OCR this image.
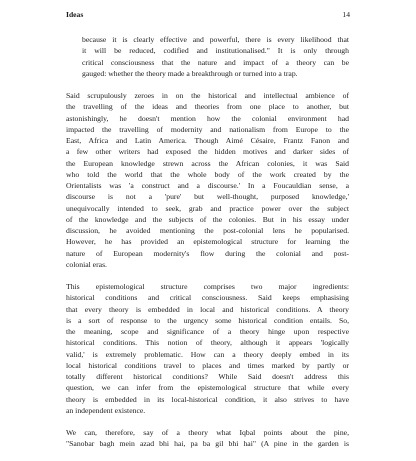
Ideas	14

because it is clearly effective and powerful, there is every likelihood that
it will be reduced, codified and institutionalised." It is only through
critical consciousness that the nature and impact of a theory can be
gauged: whether the theory made a breakthrough or turned into a trap.

Said scrupulously zeroes in on the historical and intellectual ambience of
the travelling of the ideas and theories from one place to another, but
astonishingly, he doesn't mention how the colonial environment had
impacted the travelling of modernity and nationalism from Europe to the
East, Africa and Latin America. Though Aimé Césaire, Frantz Fanon and
a few other writers had exposed the hidden motives and darker sides of
the European knowledge strewn across the African colonies, it was Said
who told the world that the whole body of the work created by the
Orientalists was 'a construct and a discourse.' In a Foucauldian sense, a
discourse is not a 'pure' but well-thought, purposed knowledge,'
unequivocally intended to seek, grab and practice power over the subject
of the knowledge and the subjects of the colonies. But in his essay under
discussion, he avoided mentioning the post-colonial lens he popularised.
However, he has provided an epistemological structure for learning the
nature of European modernity's flow during the colonial and post-
colonial eras.

This epistemological structure comprises two major ingredients:
historical conditions and critical consciousness. Said keeps emphasising
that every theory is embedded in local and historical conditions. A theory
is a sort of response to the urgency some historical condition entails. So,
the meaning, scope and significance of a theory hinge upon respective
historical conditions. This notion of theory, although it appears 'logically
valid,' is extremely problematic. How can a theory deeply embed in its
local historical conditions travel to places and times marked by partly or
totally different historical conditions? While Said doesn't address this
question, we can infer from the epistemological structure that while every
theory is embedded in its local-historical condition, it also strives to have
an independent existence.

We can, therefore, say of a theory what Iqbal points about the pine,
"Sanobar bagh mein azad bhi hai, pa ba gil bhi hai" (A pine in the garden is
